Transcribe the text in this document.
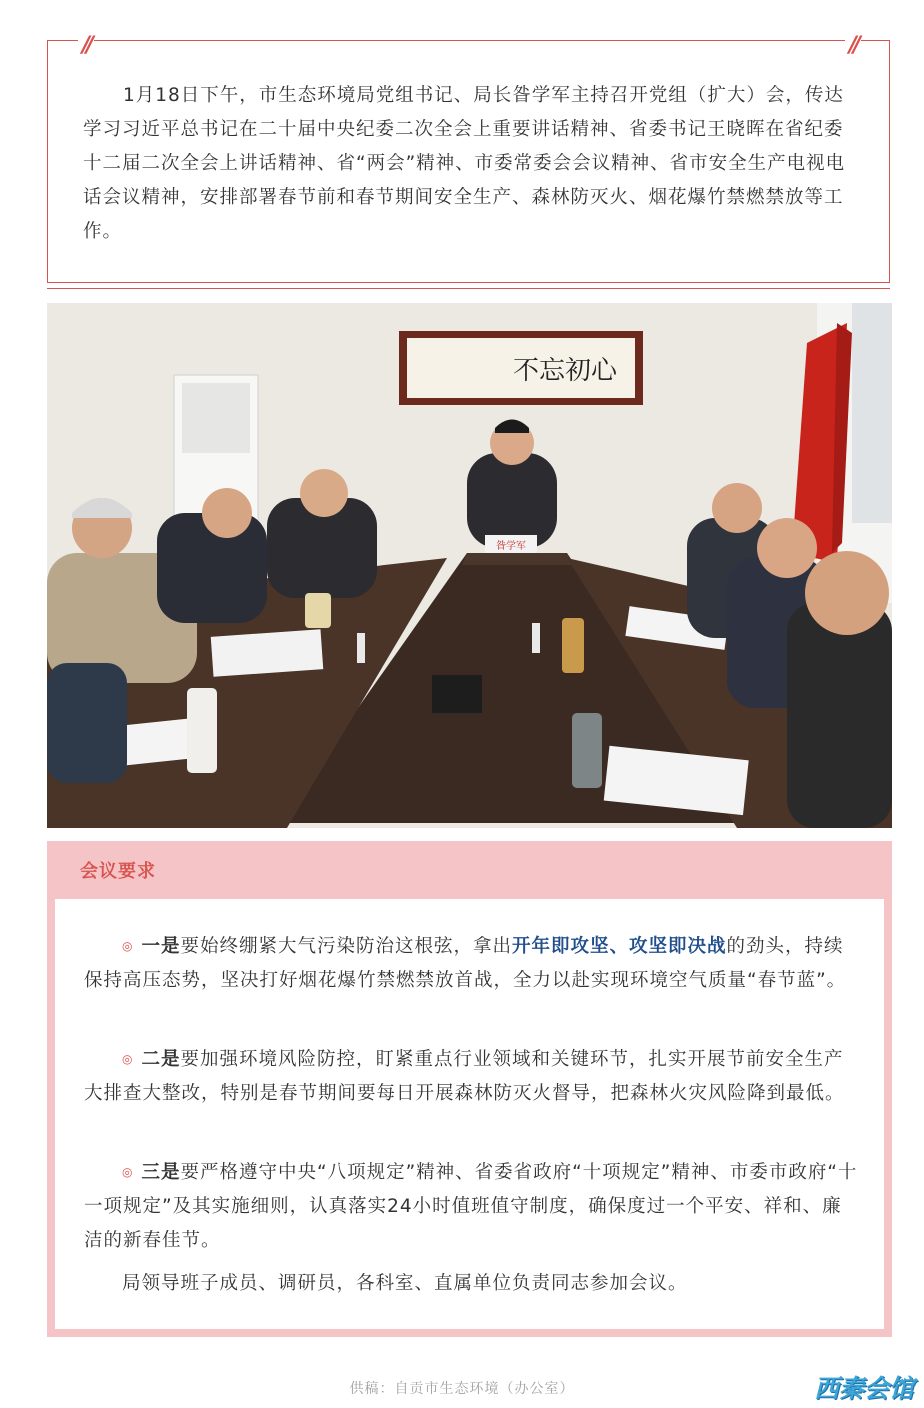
//	//

1月18日下午，市生态环境局党组书记、局长昝学军主持召开党组（扩大）会，传达学习习近平总书记在二十届中央纪委二次全会上重要讲话精神、省委书记王晓晖在省纪委十二届二次全会上讲话精神、省“两会”精神、市委常委会会议精神、省市安全生产电视电话会议精神，安排部署春节前和春节期间安全生产、森林防灭火、烟花爆竹禁燃禁放等工作。

不忘初心
昝学军
会议要求

◎ 一是要始终绷紧大气污染防治这根弦，拿出开年即攻坚、攻坚即决战的劲头，持续保持高压态势，坚决打好烟花爆竹禁燃禁放首战，全力以赴实现环境空气质量“春节蓝”。

◎ 二是要加强环境风险防控，盯紧重点行业领域和关键环节，扎实开展节前安全生产大排查大整改，特别是春节期间要每日开展森林防灭火督导，把森林火灾风险降到最低。

◎ 三是要严格遵守中央“八项规定”精神、省委省政府“十项规定”精神、市委市政府“十一项规定”及其实施细则，认真落实24小时值班值守制度，确保度过一个平安、祥和、廉洁的新春佳节。

局领导班子成员、调研员，各科室、直属单位负责同志参加会议。

供稿：自贡市生态环境（办公室）	西秦会馆
